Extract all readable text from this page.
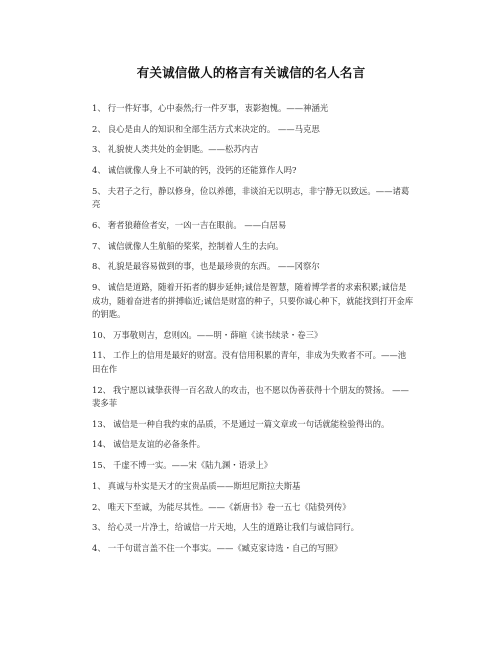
有关诚信做人的格言有关诚信的名人名言

1、 行一件好事，心中泰然;行一件歹事，衷影抱愧。——神涵光

2、 良心是由人的知识和全部生活方式来决定的。 ——马克思

3、 礼貌使人类共处的金钥匙。——松苏内吉

4、 诚信就像人身上不可缺的钙，没钙的还能算作人吗?

5、 夫君子之行，静以修身，俭以养德，非谈泊无以明志，非宁静无以致远。——诸葛亮

6、 奢者狼藉俭者安，一凶一吉在眼前。 ——白居易

7、 诚信就像人生航船的桨桨，控制着人生的去向。

8、 礼貌是最容易做到的事，也是最珍贵的东西。 ——冈察尔

9、 诚信是道路，随着开拓者的脚步延伸;诚信是智慧，随着博学者的求索积累;诚信是成功，随着奋进者的拼搏临近;诚信是财富的种子，只要你诚心种下，就能找到打开金库的钥匙。

10、 万事敬则吉，怠则凶。——明・薛暄《读书续录・卷三》

11、 工作上的信用是最好的财富。没有信用积累的青年，非成为失败者不可。——池田在作

12、 我宁愿以诚挚获得一百名敌人的攻击，也不愿以伪善获得十个朋友的赞扬。 ——裴多菲

13、 诚信是一种自我约束的品质，不是通过一篇文章或一句话就能检验得出的。

14、 诚信是友谊的必备条件。

15、 千虚不博一实。——宋《陆九渊・语录上》

1、 真诚与朴实是天才的宝贵品质——斯坦尼斯拉夫斯基

2、 唯天下至诚，为能尽其性。——《新唐书》卷一五七《陆贽列传》

3、 给心灵一片净土，给诚信一片天地，人生的道路让我们与诚信同行。

4、 一千句谎言盖不住一个事实。——《臧克家诗选・自己的写照》
